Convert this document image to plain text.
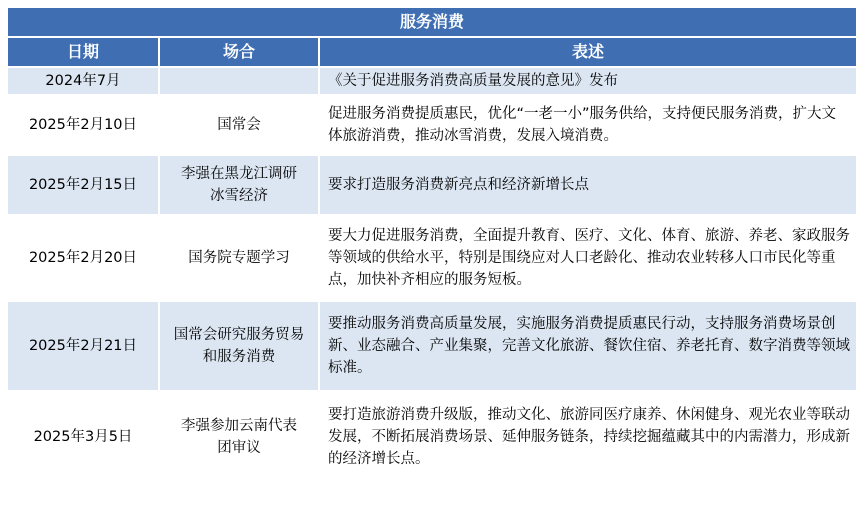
服务消费		
日期	场合	表述
2024年7月		《关于促进服务消费高质量发展的意见》发布
2025年2月10日	国常会	促进服务消费提质惠民，优化“一老一小”服务供给，支持便民服务消费，扩大文体旅游消费，推动冰雪消费，发展入境消费。
2025年2月15日	李强在黑龙江调研冰雪经济	要求打造服务消费新亮点和经济新增长点
2025年2月20日	国务院专题学习	要大力促进服务消费，全面提升教育、医疗、文化、体育、旅游、养老、家政服务等领域的供给水平，特别是围绕应对人口老龄化、推动农业转移人口市民化等重点，加快补齐相应的服务短板。
2025年2月21日	国常会研究服务贸易和服务消费	要推动服务消费高质量发展，实施服务消费提质惠民行动，支持服务消费场景创新、业态融合、产业集聚，完善文化旅游、餐饮住宿、养老托育、数字消费等领域标准。
2025年3月5日	李强参加云南代表团审议	要打造旅游消费升级版，推动文化、旅游同医疗康养、休闲健身、观光农业等联动发展，不断拓展消费场景、延伸服务链条，持续挖掘蕴藏其中的内需潜力，形成新的经济增长点。
